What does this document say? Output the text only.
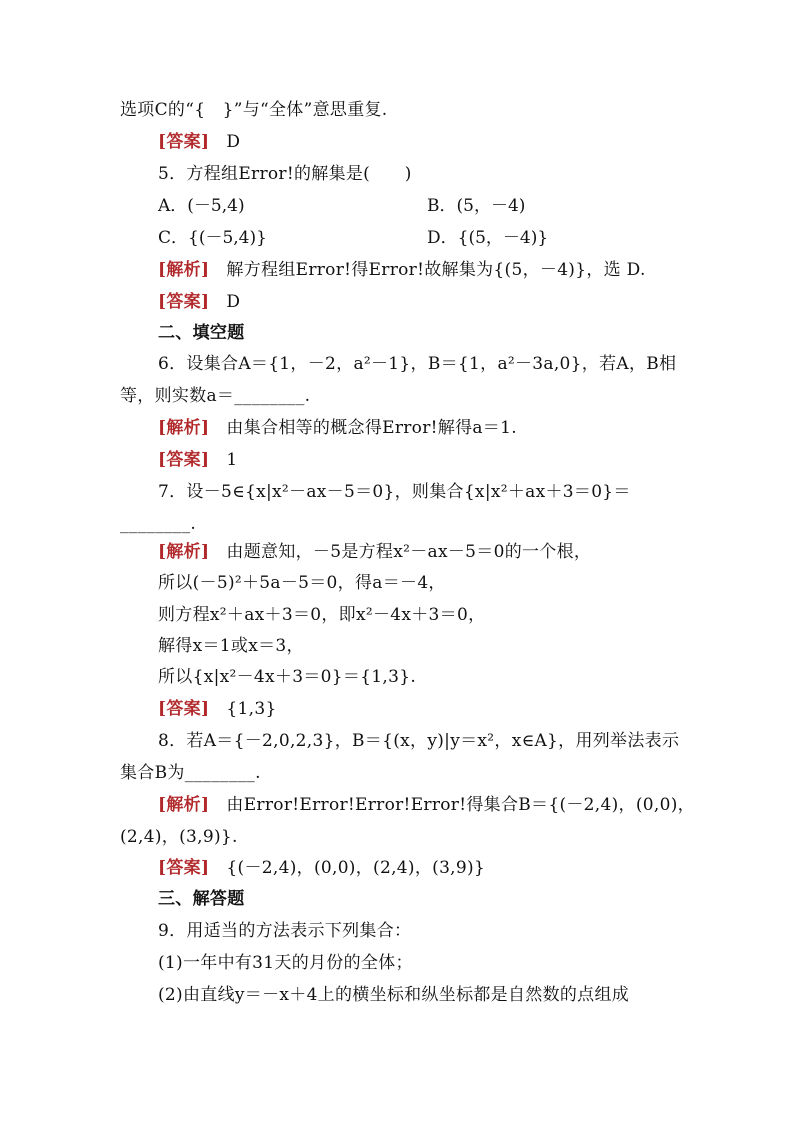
选项C的“{　}”与“全体”意思重复.
[答案] D
5．方程组Error!的解集是(　　)
A．(－5,4)	B．(5，－4)
C．{(－5,4)}	D．{(5，－4)}
[解析] 解方程组Error!得Error!故解集为{(5，－4)}，选 D.
[答案] D
二、填空题
6．设集合A＝{1，－2，a²－1}，B＝{1，a²－3a,0}，若A，B相
等，则实数a＝________.
[解析] 由集合相等的概念得Error!解得a＝1.
[答案] 1
7．设－5∈{x|x²－ax－5＝0}，则集合{x|x²＋ax＋3＝0}＝
________.
[解析] 由题意知，－5是方程x²－ax－5＝0的一个根，
所以(－5)²＋5a－5＝0，得a＝－4，
则方程x²＋ax＋3＝0，即x²－4x＋3＝0，
解得x＝1或x＝3，
所以{x|x²－4x＋3＝0}＝{1,3}.
[答案] {1,3}
8．若A＝{－2,0,2,3}，B＝{(x，y)|y＝x²，x∈A}，用列举法表示
集合B为________.
[解析] 由Error!Error!Error!Error!得集合B＝{(－2,4)，(0,0)，
(2,4)，(3,9)}.
[答案] {(－2,4)，(0,0)，(2,4)，(3,9)}
三、解答题
9．用适当的方法表示下列集合：
(1)一年中有31天的月份的全体；
(2)由直线y＝－x＋4上的横坐标和纵坐标都是自然数的点组成
